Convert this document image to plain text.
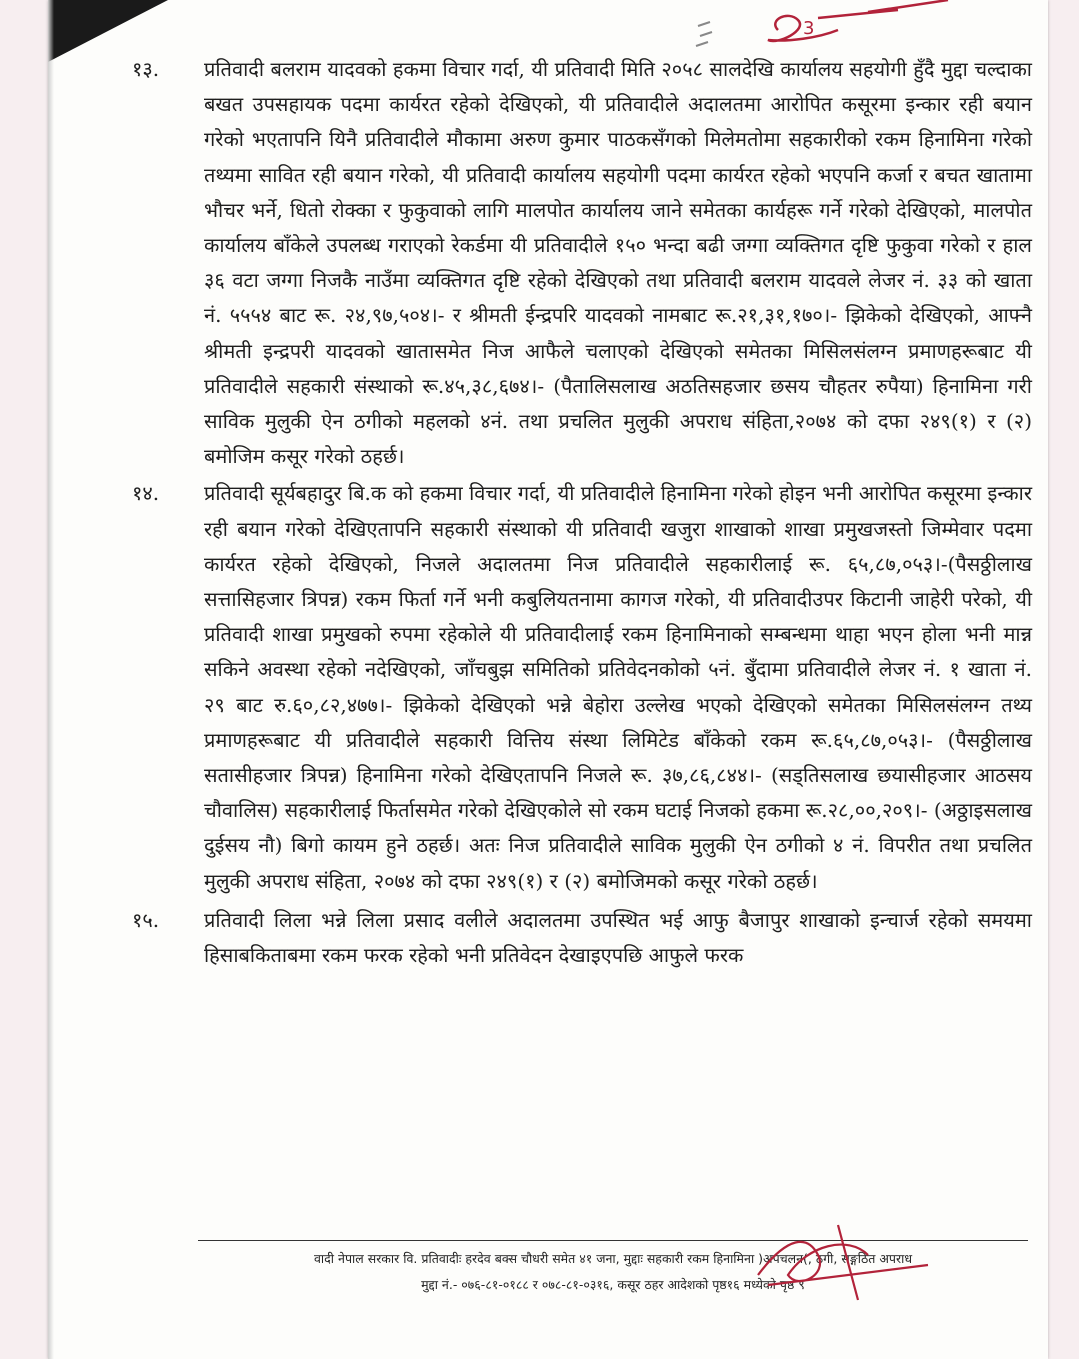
3

१३.	प्रतिवादी बलराम यादवको हकमा विचार गर्दा, यी प्रतिवादी मिति २०५८ सालदेखि कार्यालय सहयोगी हुँदै मुद्दा चल्दाका बखत उपसहायक पदमा कार्यरत रहेको देखिएको, यी प्रतिवादीले अदालतमा आरोपित कसूरमा इन्कार रही बयान गरेको भएतापनि यिनै प्रतिवादीले मौकामा अरुण कुमार पाठकसँगको मिलेमतोमा सहकारीको रकम हिनामिना गरेको तथ्यमा सावित रही बयान गरेको, यी प्रतिवादी कार्यालय सहयोगी पदमा कार्यरत रहेको भएपनि कर्जा र बचत खातामा भौचर भर्ने, धितो रोक्का र फुकुवाको लागि मालपोत कार्यालय जाने समेतका कार्यहरू गर्ने गरेको देखिएको, मालपोत कार्यालय बाँकेले उपलब्ध गराएको रेकर्डमा यी प्रतिवादीले १५० भन्दा बढी जग्गा व्यक्तिगत दृष्टि फुकुवा गरेको र हाल ३६ वटा जग्गा निजकै नाउँमा व्यक्तिगत दृष्टि रहेको देखिएको तथा प्रतिवादी बलराम यादवले लेजर नं. ३३ को खाता नं. ५५५४ बाट रू. २४,९७,५०४।- र श्रीमती ईन्द्रपरि यादवको नामबाट रू.२१,३१,१७०।- झिकेको देखिएको, आफ्नै श्रीमती इन्द्रपरी यादवको खातासमेत निज आफैले चलाएको देखिएको समेतका मिसिलसंलग्न प्रमाणहरूबाट यी प्रतिवादीले सहकारी संस्थाको रू.४५,३८,६७४।- (पैतालिसलाख अठतिसहजार छसय चौहतर रुपैया) हिनामिना गरी साविक मुलुकी ऐन ठगीको महलको ४नं. तथा प्रचलित मुलुकी अपराध संहिता,२०७४ को दफा २४९(१) र (२) बमोजिम कसूर गरेको ठहर्छ।

१४.	प्रतिवादी सूर्यबहादुर बि.क को हकमा विचार गर्दा, यी प्रतिवादीले हिनामिना गरेको होइन भनी आरोपित कसूरमा इन्कार रही बयान गरेको देखिएतापनि सहकारी संस्थाको यी प्रतिवादी खजुरा शाखाको शाखा प्रमुखजस्तो जिम्मेवार पदमा कार्यरत रहेको देखिएको, निजले अदालतमा निज प्रतिवादीले सहकारीलाई रू. ६५,८७,०५३।-(पैसठ्ठीलाख सत्तासिहजार त्रिपन्न) रकम फिर्ता गर्ने भनी कबुलियतनामा कागज गरेको, यी प्रतिवादीउपर किटानी जाहेरी परेको, यी प्रतिवादी शाखा प्रमुखको रुपमा रहेकोले यी प्रतिवादीलाई रकम हिनामिनाको सम्बन्धमा थाहा भएन होला भनी मान्न सकिने अवस्था रहेको नदेखिएको, जाँचबुझ समितिको प्रतिवेदनकोको ५नं. बुँदामा प्रतिवादीले लेजर नं. १ खाता नं. २९ बाट रु.६०,८२,४७७।- झिकेको देखिएको भन्ने बेहोरा उल्लेख भएको देखिएको समेतका मिसिलसंलग्न तथ्य प्रमाणहरूबाट यी प्रतिवादीले सहकारी वित्तिय संस्था लिमिटेड बाँकेको रकम रू.६५,८७,०५३।- (पैसठ्ठीलाख सतासीहजार त्रिपन्न) हिनामिना गरेको देखिएतापनि निजले रू. ३७,८६,८४४।- (सड्तिसलाख छयासीहजार आठसय चौवालिस) सहकारीलाई फिर्तासमेत गरेको देखिएकोले सो रकम घटाई निजको हकमा रू.२८,००,२०९।- (अठ्ठाइसलाख दुईसय नौ) बिगो कायम हुने ठहर्छ। अतः निज प्रतिवादीले साविक मुलुकी ऐन ठगीको ४ नं. विपरीत तथा प्रचलित मुलुकी अपराध संहिता, २०७४ को दफा २४९(१) र (२) बमोजिमको कसूर गरेको ठहर्छ।

१५.	प्रतिवादी लिला भन्ने लिला प्रसाद वलीले अदालतमा उपस्थित भई आफु बैजापुर शाखाको इन्चार्ज रहेको समयमा हिसाबकिताबमा रकम फरक रहेको भनी प्रतिवेदन देखाइएपछि आफुले फरक

वादी नेपाल सरकार वि. प्रतिवादीः हरदेव बक्स चौधरी समेत ४१ जना, मुद्दाः सहकारी रकम हिनामिना )अपचलन(, ठगी, सङ्गठित अपराध
मुद्दा नं.- ०७६-८१-०१८८ र ०७८-८१-०३१६, कसूर ठहर आदेशको पृष्ठ१६ मध्येको पृष्ठ ९
